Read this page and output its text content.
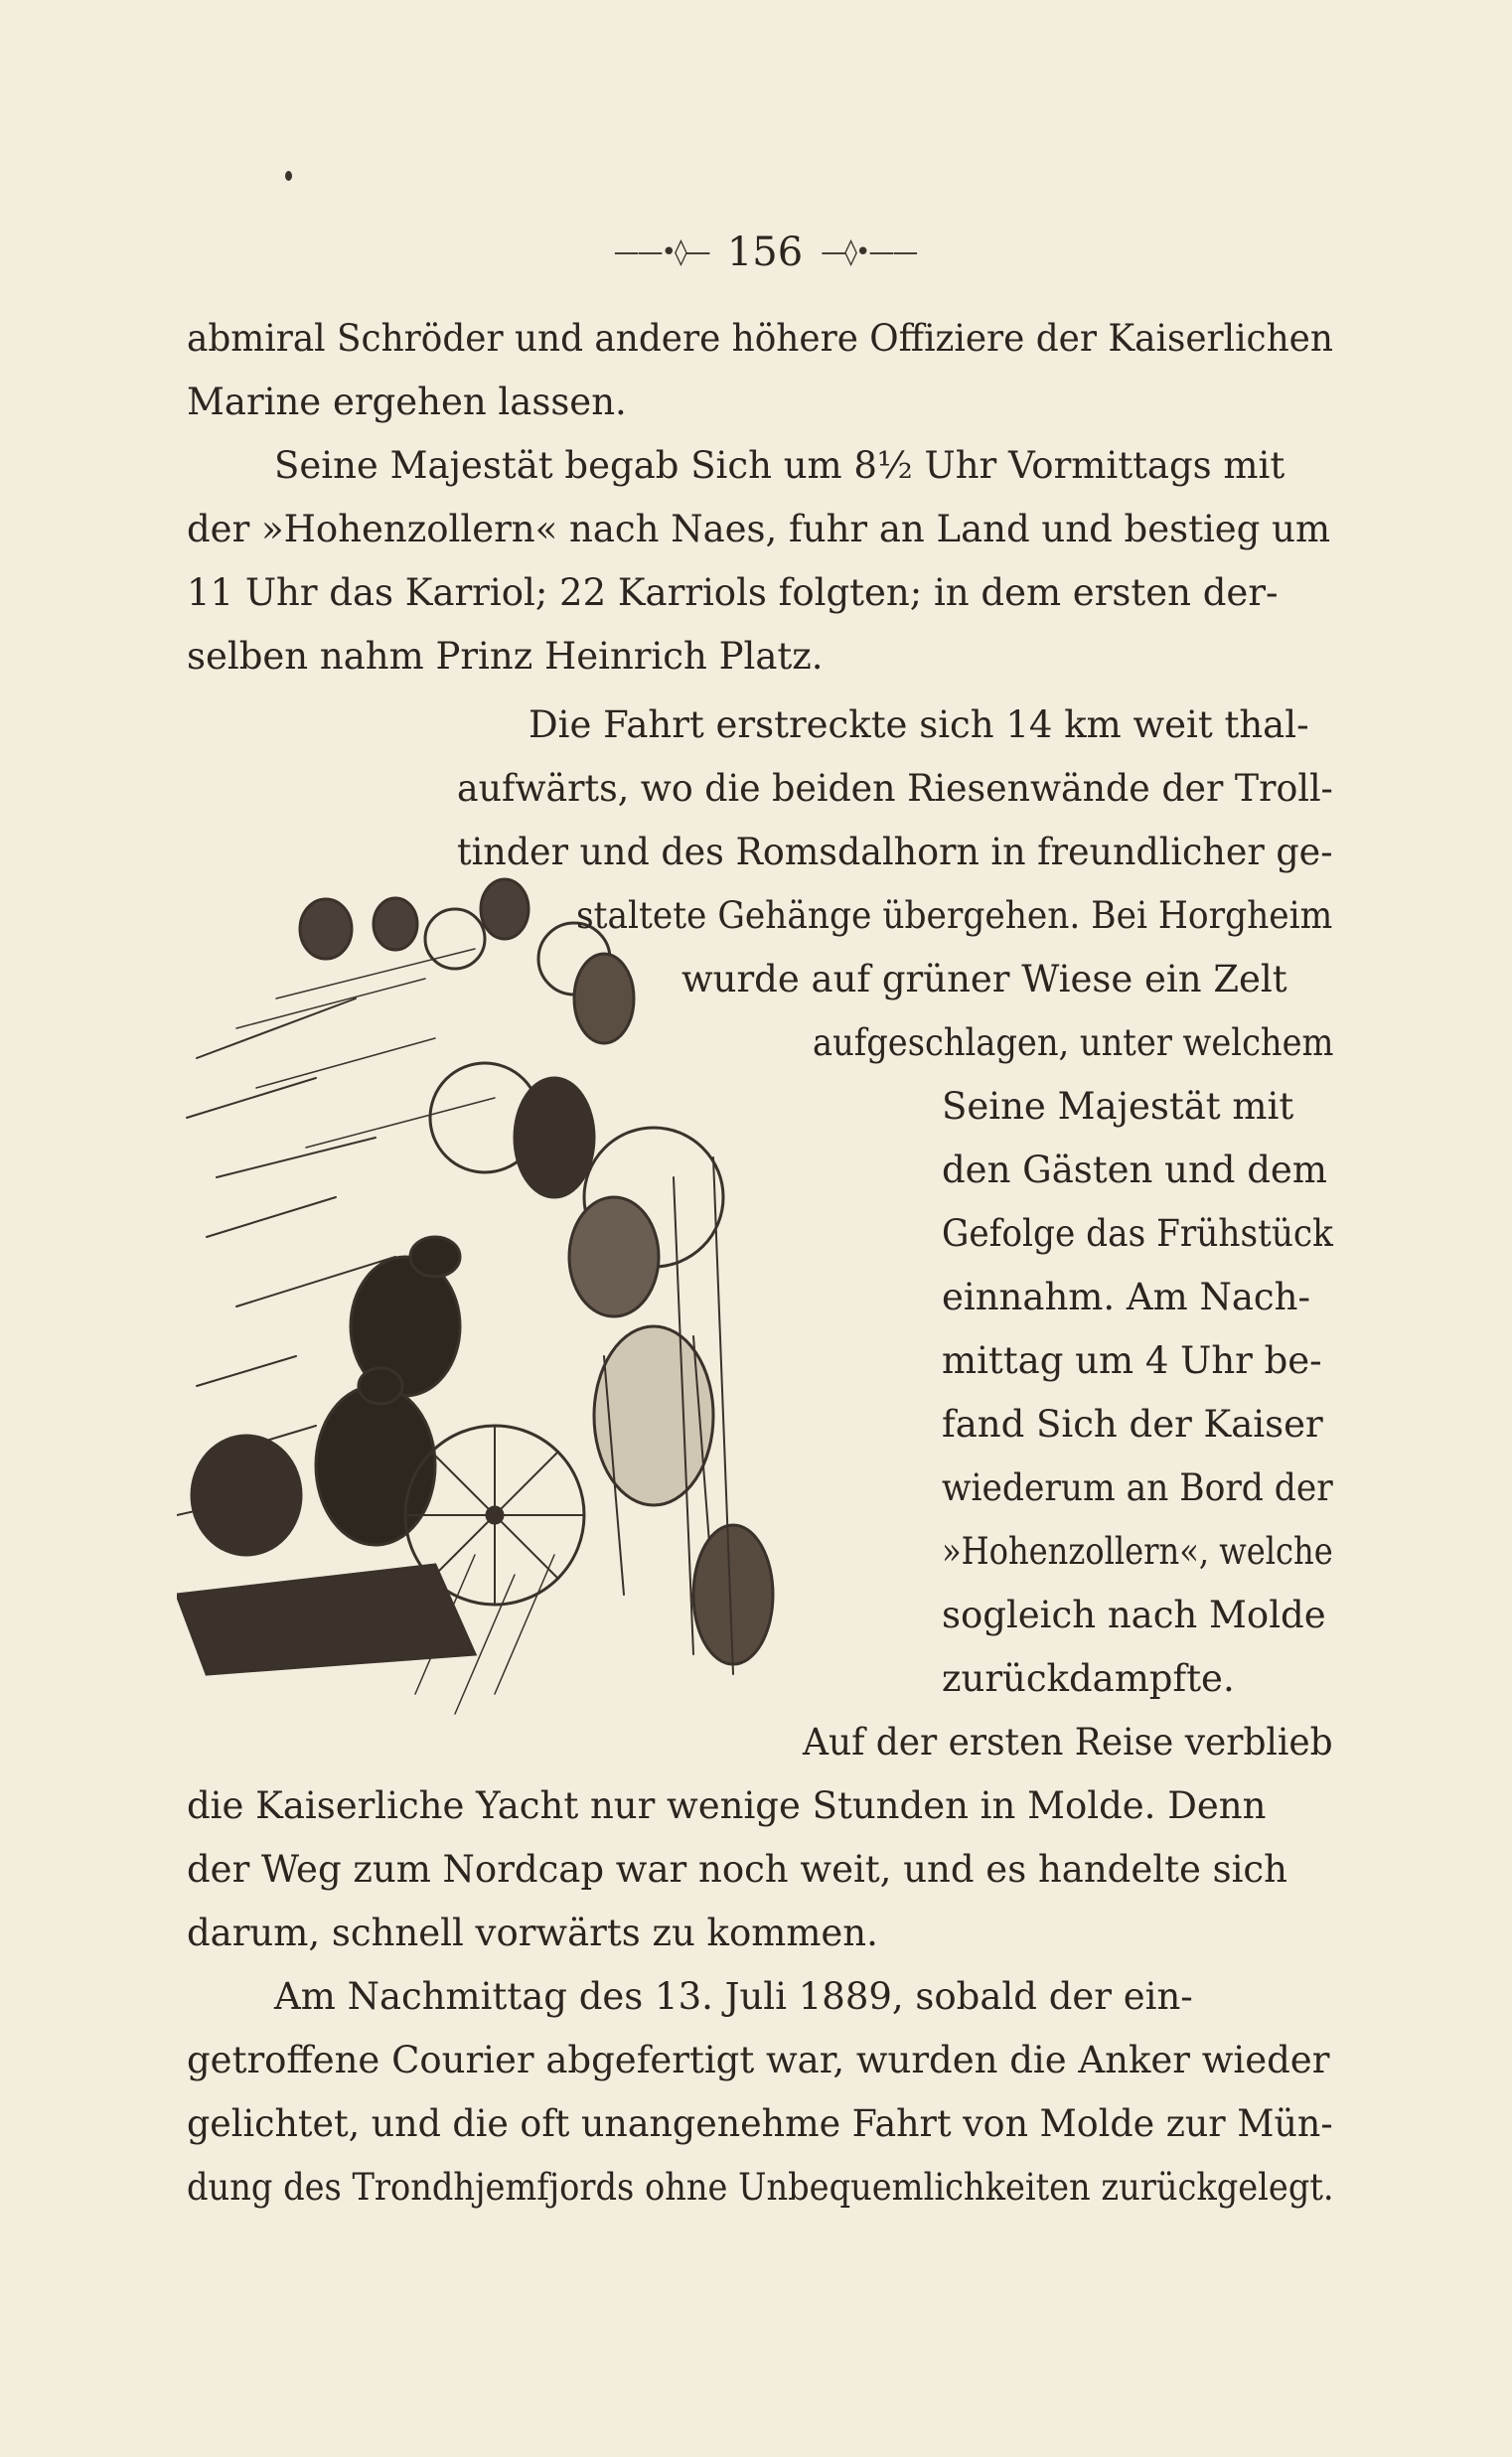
——•◊— 156 —◊•——
abmiral Schröder und andere höhere Offiziere der Kaiserlichen
Marine ergehen lassen.
Seine Majestät begab Sich um 8½ Uhr Vormittags mit
der »Hohenzollern« nach Naes, fuhr an Land und bestieg um
11 Uhr das Karriol; 22 Karriols folgten; in dem ersten der-
selben nahm Prinz Heinrich Platz.
Die Fahrt erstreckte sich 14 km weit thal-
aufwärts, wo die beiden Riesenwände der Troll-
tinder und des Romsdalhorn in freundlicher ge-
staltete Gehänge übergehen. Bei Horgheim
wurde auf grüner Wiese ein Zelt
aufgeschlagen, unter welchem
Seine Majestät mit
den Gästen und dem
Gefolge das Frühstück
einnahm. Am Nach-
mittag um 4 Uhr be-
fand Sich der Kaiser
wiederum an Bord der
»Hohenzollern«, welche
sogleich nach Molde
zurückdampfte.
Auf der ersten Reise verblieb
die Kaiserliche Yacht nur wenige Stunden in Molde. Denn
der Weg zum Nordcap war noch weit, und es handelte sich
darum, schnell vorwärts zu kommen.
Am Nachmittag des 13. Juli 1889, sobald der ein-
getroffene Courier abgefertigt war, wurden die Anker wieder
gelichtet, und die oft unangenehme Fahrt von Molde zur Mün-
dung des Trondhjemfjords ohne Unbequemlichkeiten zurückgelegt.
